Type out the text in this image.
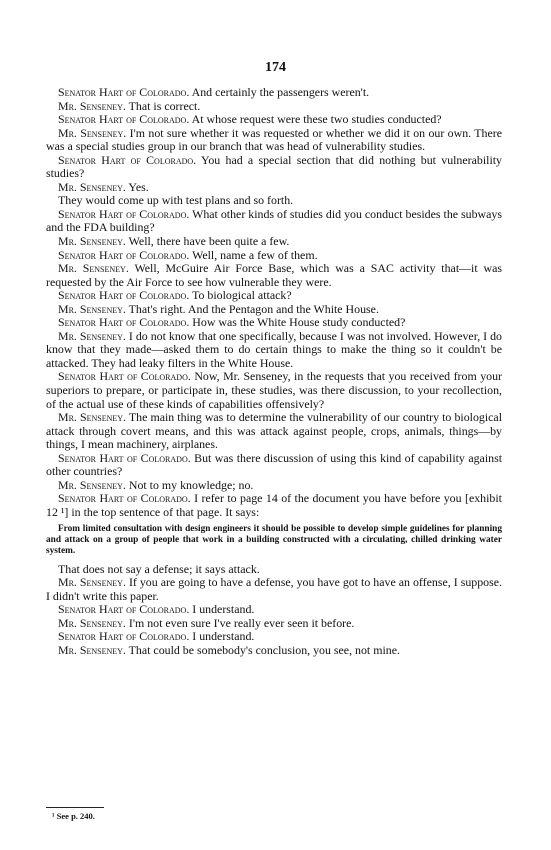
174

Senator Hart of Colorado. And certainly the passengers weren't.

Mr. Senseney. That is correct.

Senator Hart of Colorado. At whose request were these two studies conducted?

Mr. Senseney. I'm not sure whether it was requested or whether we did it on our own. There was a special studies group in our branch that was head of vulnerability studies.

Senator Hart of Colorado. You had a special section that did nothing but vulnerability studies?

Mr. Senseney. Yes.

They would come up with test plans and so forth.

Senator Hart of Colorado. What other kinds of studies did you conduct besides the subways and the FDA building?

Mr. Senseney. Well, there have been quite a few.

Senator Hart of Colorado. Well, name a few of them.

Mr. Senseney. Well, McGuire Air Force Base, which was a SAC activity that—it was requested by the Air Force to see how vulnerable they were.

Senator Hart of Colorado. To biological attack?

Mr. Senseney. That's right. And the Pentagon and the White House.

Senator Hart of Colorado. How was the White House study conducted?

Mr. Senseney. I do not know that one specifically, because I was not involved. However, I do know that they made—asked them to do certain things to make the thing so it couldn't be attacked. They had leaky filters in the White House.

Senator Hart of Colorado. Now, Mr. Senseney, in the requests that you received from your superiors to prepare, or participate in, these studies, was there discussion, to your recollection, of the actual use of these kinds of capabilities offensively?

Mr. Senseney. The main thing was to determine the vulnerability of our country to biological attack through covert means, and this was attack against people, crops, animals, things—by things, I mean machinery, airplanes.

Senator Hart of Colorado. But was there discussion of using this kind of capability against other countries?

Mr. Senseney. Not to my knowledge; no.

Senator Hart of Colorado. I refer to page 14 of the document you have before you [exhibit 12 ¹] in the top sentence of that page. It says:

From limited consultation with design engineers it should be possible to develop simple guidelines for planning and attack on a group of people that work in a building constructed with a circulating, chilled drinking water system.

That does not say a defense; it says attack.

Mr. Senseney. If you are going to have a defense, you have got to have an offense, I suppose. I didn't write this paper.

Senator Hart of Colorado. I understand.

Mr. Senseney. I'm not even sure I've really ever seen it before.

Senator Hart of Colorado. I understand.

Mr. Senseney. That could be somebody's conclusion, you see, not mine.

¹ See p. 240.
